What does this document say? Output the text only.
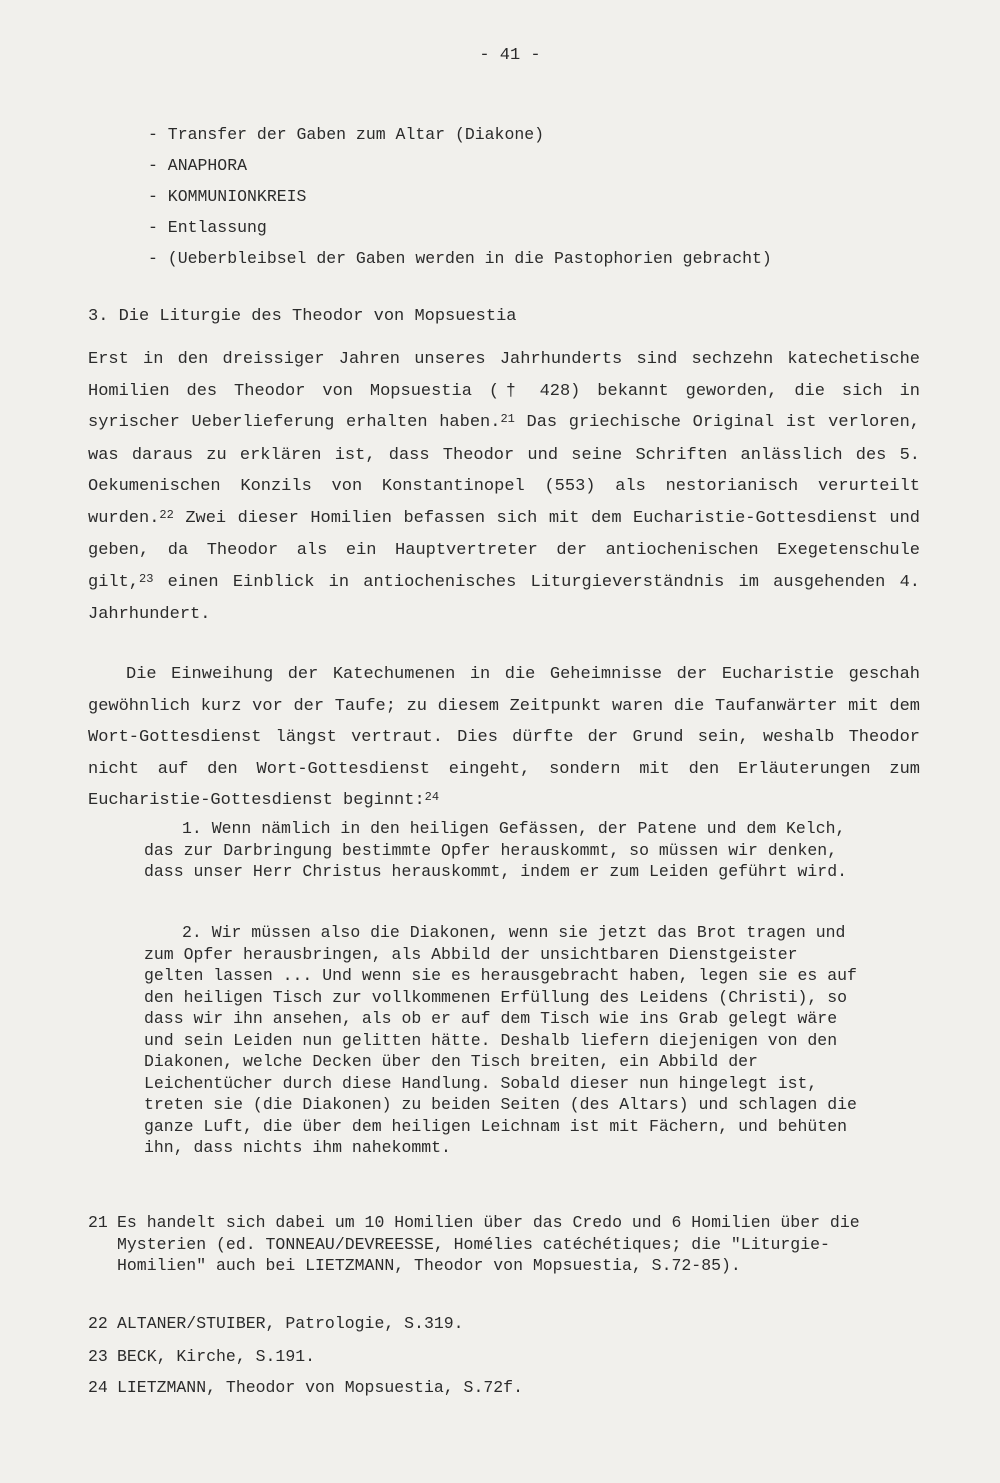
- 41 -
- Transfer der Gaben zum Altar (Diakone)
- ANAPHORA
- KOMMUNIONKREIS
- Entlassung
- (Ueberbleibsel der Gaben werden in die Pastophorien gebracht)
3. Die Liturgie des Theodor von Mopsuestia
Erst in den dreissiger Jahren unseres Jahrhunderts sind sechzehn katechetische Homilien des Theodor von Mopsuestia († 428) bekannt geworden, die sich in syrischer Ueberlieferung erhalten haben.$^{21}$ Das griechische Original ist verloren, was daraus zu erklären ist, dass Theodor und seine Schriften anlässlich des 5. Oekumenischen Konzils von Konstantinopel (553) als nestorianisch verurteilt wurden.$^{22}$ Zwei dieser Homilien befassen sich mit dem Eucharistie-Gottesdienst und geben, da Theodor als ein Hauptvertreter der antiochenischen Exegetenschule gilt,$^{23}$ einen Einblick in antiochenisches Liturgieverständnis im ausgehenden 4. Jahrhundert.
Die Einweihung der Katechumenen in die Geheimnisse der Eucharistie geschah gewöhnlich kurz vor der Taufe; zu diesem Zeitpunkt waren die Taufanwärter mit dem Wort-Gottesdienst längst vertraut. Dies dürfte der Grund sein, weshalb Theodor nicht auf den Wort-Gottesdienst eingeht, sondern mit den Erläuterungen zum Eucharistie-Gottesdienst beginnt:$^{24}$
1. Wenn nämlich in den heiligen Gefässen, der Patene und dem Kelch, das zur Darbringung bestimmte Opfer herauskommt, so müssen wir denken, dass unser Herr Christus herauskommt, indem er zum Leiden geführt wird.
2. Wir müssen also die Diakonen, wenn sie jetzt das Brot tragen und zum Opfer herausbringen, als Abbild der unsichtbaren Dienstgeister gelten lassen ... Und wenn sie es herausgebracht haben, legen sie es auf den heiligen Tisch zur vollkommenen Erfüllung des Leidens (Christi), so dass wir ihn ansehen, als ob er auf dem Tisch wie ins Grab gelegt wäre und sein Leiden nun gelitten hätte. Deshalb liefern diejenigen von den Diakonen, welche Decken über den Tisch breiten, ein Abbild der Leichentücher durch diese Handlung. Sobald dieser nun hingelegt ist, treten sie (die Diakonen) zu beiden Seiten (des Altars) und schlagen die ganze Luft, die über dem heiligen Leichnam ist mit Fächern, und behüten ihn, dass nichts ihm nahekommt.
21 Es handelt sich dabei um 10 Homilien über das Credo und 6 Homilien über die Mysterien (ed. TONNEAU/DEVREESSE, Homélies catéchétiques; die "Liturgie-Homilien" auch bei LIETZMANN, Theodor von Mopsuestia, S.72-85).
22 ALTANER/STUIBER, Patrologie, S.319.
23 BECK, Kirche, S.191.
24 LIETZMANN, Theodor von Mopsuestia, S.72f.
